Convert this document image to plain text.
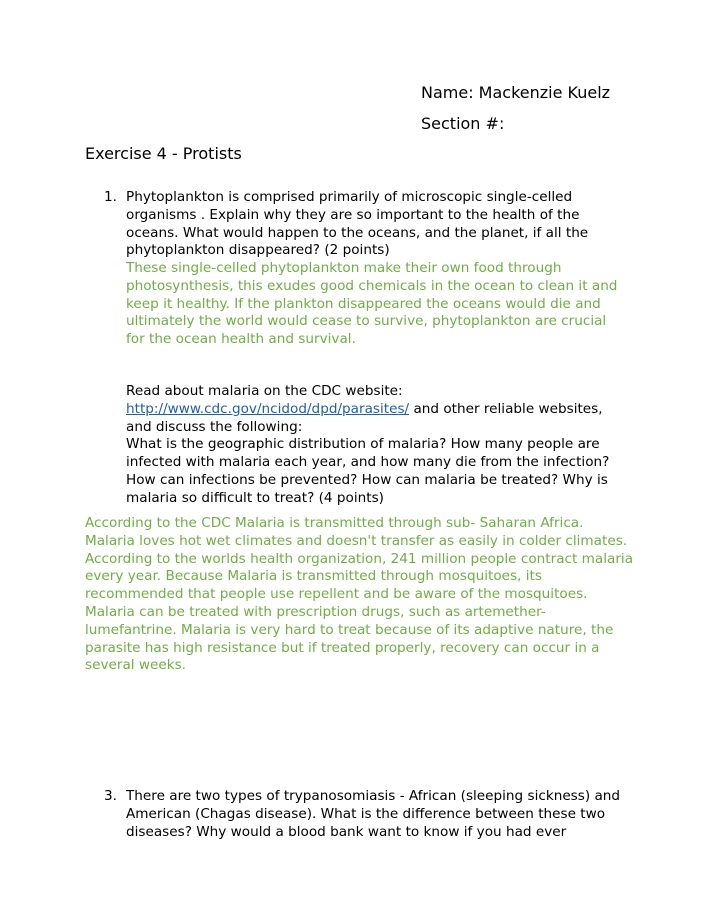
Name: Mackenzie Kuelz

Section #:

Exercise 4 - Protists

1. Phytoplankton is comprised primarily of microscopic single-celled organisms . Explain why they are so important to the health of the oceans. What would happen to the oceans, and the planet, if all the phytoplankton disappeared? (2 points)

These single-celled phytoplankton make their own food through photosynthesis, this exudes good chemicals in the ocean to clean it and keep it healthy. If the plankton disappeared the oceans would die and ultimately the world would cease to survive, phytoplankton are crucial for the ocean health and survival.

Read about malaria on the CDC website:
http://www.cdc.gov/ncidod/dpd/parasites/ and other reliable websites, and discuss the following:
What is the geographic distribution of malaria? How many people are infected with malaria each year, and how many die from the infection? How can infections be prevented? How can malaria be treated? Why is malaria so difficult to treat? (4 points)

According to the CDC Malaria is transmitted through sub- Saharan Africa. Malaria loves hot wet climates and doesn't transfer as easily in colder climates. According to the worlds health organization, 241 million people contract malaria every year. Because Malaria is transmitted through mosquitoes, its recommended that people use repellent and be aware of the mosquitoes. Malaria can be treated with prescription drugs, such as artemether-lumefantrine. Malaria is very hard to treat because of its adaptive nature, the parasite has high resistance but if treated properly, recovery can occur in a several weeks.

3. There are two types of trypanosomiasis - African (sleeping sickness) and American (Chagas disease). What is the difference between these two diseases? Why would a blood bank want to know if you had ever
